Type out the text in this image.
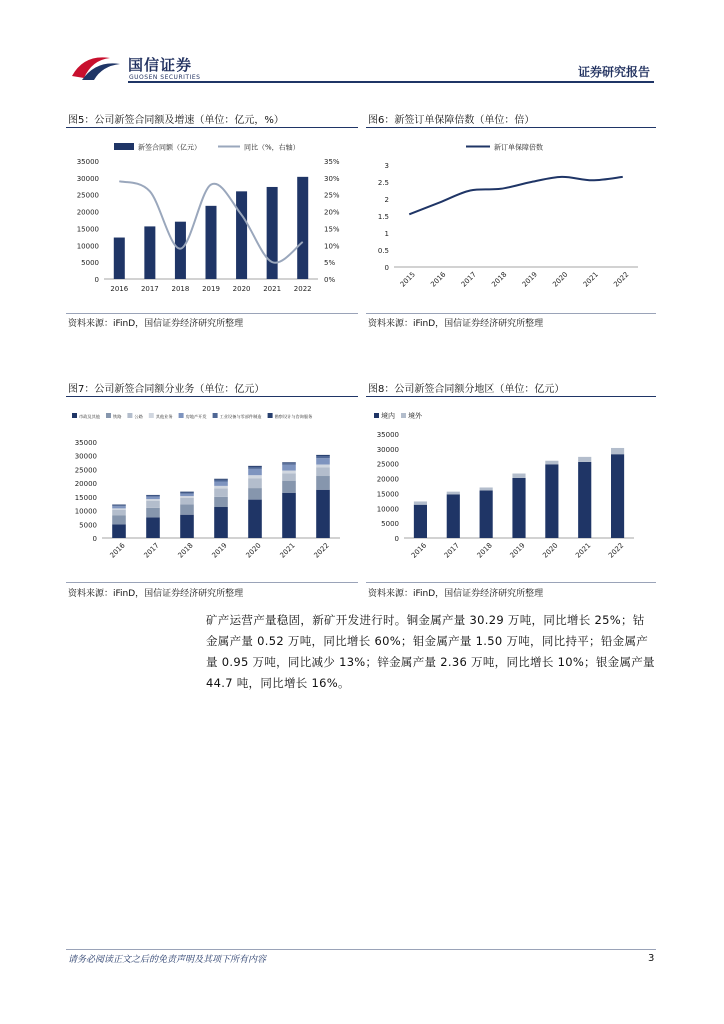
国信证券
GUOSEN SECURITIES	证券研究报告
图5：公司新签合同额及增速（单位：亿元，%）
新签合同额（亿元）	同比（%，右轴）
0
5000
10000
15000
20000
25000
30000
35000
0%
5%
10%
15%
20%
25%
30%
35%
2016 2017 2018 2019 2020 2021 2022
资料来源：iFinD，国信证券经济研究所整理
图6：新签订单保障倍数（单位：倍）
新订单保障倍数
0
0.5
1
1.5
2
2.5
3
2015 2016 2017 2018 2019 2020 2021 2022
资料来源：iFinD，国信证券经济研究所整理
图7：公司新签合同额分业务（单位：亿元）
市政及其他	铁路	公路	其他业务	房地产开发	工业设备与零部件制造	勘察设计与咨询服务
0
5000
10000
15000
20000
25000
30000
35000
2016 2017 2018 2019 2020 2021 2022
资料来源：iFinD，国信证券经济研究所整理
图8：公司新签合同额分地区（单位：亿元）
境内 境外
0
5000
10000
15000
20000
25000
30000
35000
2016 2017 2018 2019 2020 2021 2022
资料来源：iFinD，国信证券经济研究所整理
矿产运营产量稳固，新矿开发进行时。铜金属产量 30.29 万吨，同比增长 25%；钴金属产量 0.52 万吨，同比增长 60%；钼金属产量 1.50 万吨，同比持平；铅金属产量 0.95 万吨，同比减少 13%；锌金属产量 2.36 万吨，同比增长 10%；银金属产量 44.7 吨，同比增长 16%。
请务必阅读正文之后的免责声明及其项下所有内容	3
